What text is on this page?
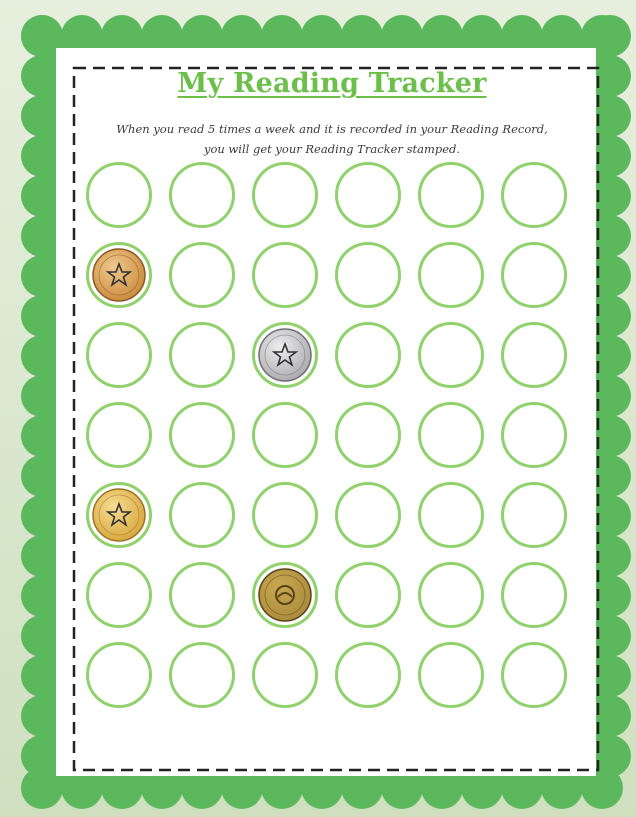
My Reading Tracker
When you read 5 times a week and it is recorded in your Reading Record,
you will get your Reading Tracker stamped.
